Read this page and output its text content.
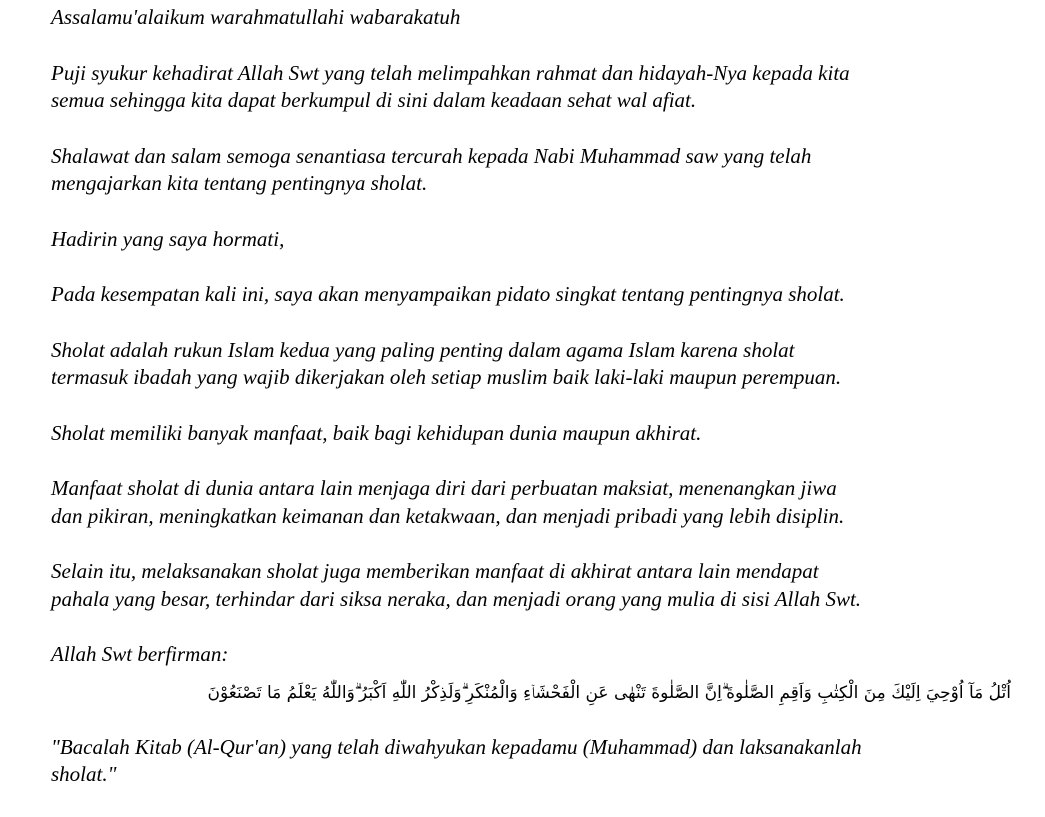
Assalamu'alaikum warahmatullahi wabarakatuh

Puji syukur kehadirat Allah Swt yang telah melimpahkan rahmat dan hidayah-Nya kepada kita
semua sehingga kita dapat berkumpul di sini dalam keadaan sehat wal afiat.

Shalawat dan salam semoga senantiasa tercurah kepada Nabi Muhammad saw yang telah
mengajarkan kita tentang pentingnya sholat.

Hadirin yang saya hormati,

Pada kesempatan kali ini, saya akan menyampaikan pidato singkat tentang pentingnya sholat.

Sholat adalah rukun Islam kedua yang paling penting dalam agama Islam karena sholat
termasuk ibadah yang wajib dikerjakan oleh setiap muslim baik laki-laki maupun perempuan.

Sholat memiliki banyak manfaat, baik bagi kehidupan dunia maupun akhirat.

Manfaat sholat di dunia antara lain menjaga diri dari perbuatan maksiat, menenangkan jiwa
dan pikiran, meningkatkan keimanan dan ketakwaan, dan menjadi pribadi yang lebih disiplin.

Selain itu, melaksanakan sholat juga memberikan manfaat di akhirat antara lain mendapat
pahala yang besar, terhindar dari siksa neraka, dan menjadi orang yang mulia di sisi Allah Swt.

Allah Swt berfirman:

اُتْلُ مَآ اُوْحِيَ اِلَيْكَ مِنَ الْكِتٰبِ وَاَقِمِ الصَّلٰوةَ ۗاِنَّ الصَّلٰوةَ تَنْهٰى عَنِ الْفَحْشَاۤءِ وَالْمُنْكَرِ ۗوَلَذِكْرُ اللّٰهِ اَكْبَرُ ۗوَاللّٰهُ يَعْلَمُ مَا تَصْنَعُوْنَ

"Bacalah Kitab (Al-Qur'an) yang telah diwahyukan kepadamu (Muhammad) dan laksanakanlah
sholat."
